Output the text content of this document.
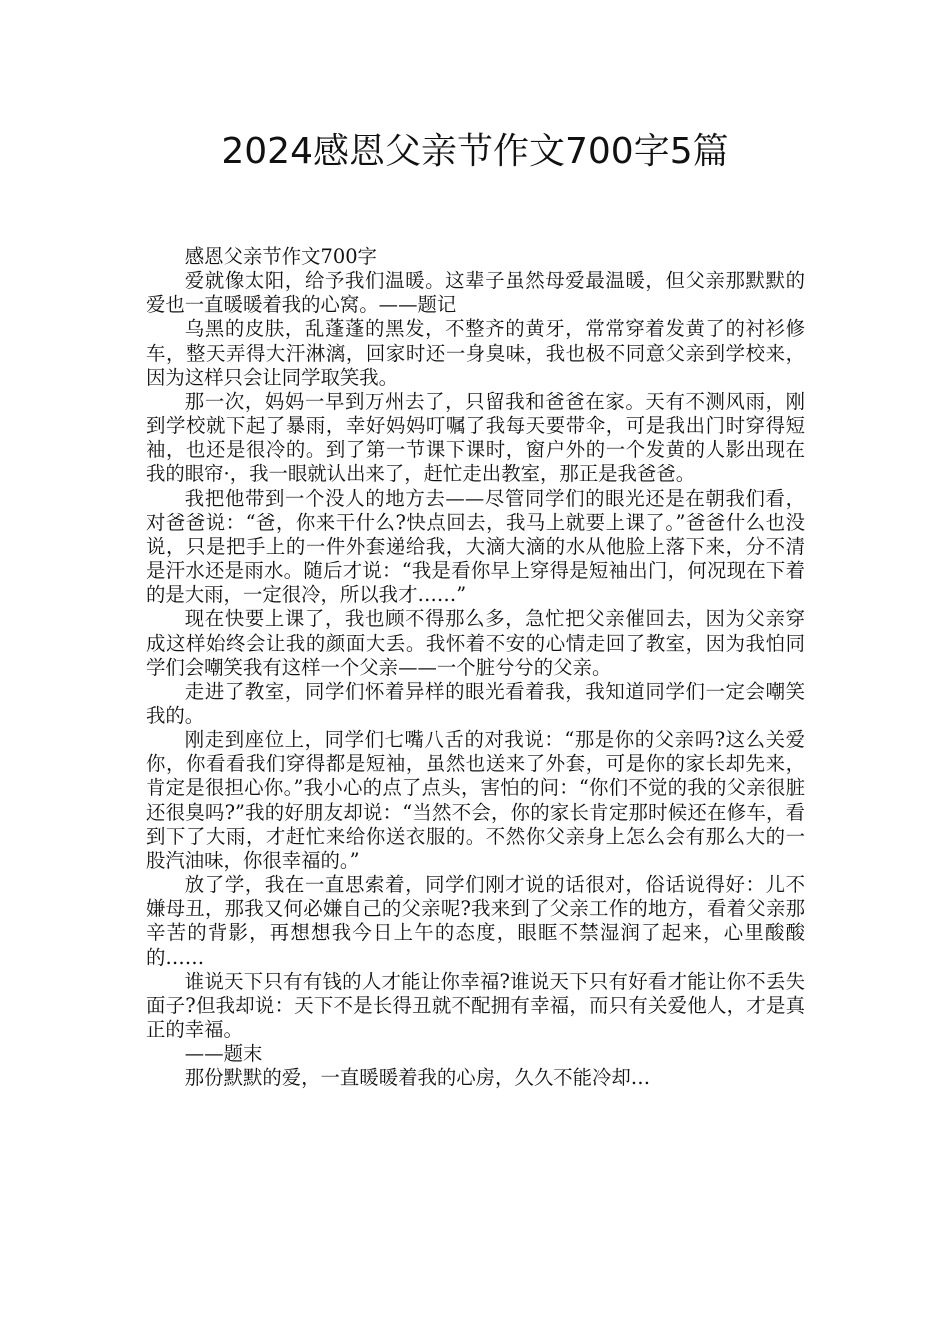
2024感恩父亲节作文700字5篇

感恩父亲节作文700字

爱就像太阳，给予我们温暖。这辈子虽然母爱最温暖，但父亲那默默的爱也一直暖暖着我的心窝。——题记

乌黑的皮肤，乱蓬蓬的黑发，不整齐的黄牙，常常穿着发黄了的衬衫修车，整天弄得大汗淋漓，回家时还一身臭味，我也极不同意父亲到学校来，因为这样只会让同学取笑我。

那一次，妈妈一早到万州去了，只留我和爸爸在家。天有不测风雨，刚到学校就下起了暴雨，幸好妈妈叮嘱了我每天要带伞，可是我出门时穿得短袖，也还是很冷的。到了第一节课下课时，窗户外的一个发黄的人影出现在我的眼帘·，我一眼就认出来了，赶忙走出教室，那正是我爸爸。

我把他带到一个没人的地方去——尽管同学们的眼光还是在朝我们看，对爸爸说：“爸，你来干什么?快点回去，我马上就要上课了。”爸爸什么也没说，只是把手上的一件外套递给我，大滴大滴的水从他脸上落下来，分不清是汗水还是雨水。随后才说：“我是看你早上穿得是短袖出门，何况现在下着的是大雨，一定很冷，所以我才……”

现在快要上课了，我也顾不得那么多，急忙把父亲催回去，因为父亲穿成这样始终会让我的颜面大丢。我怀着不安的心情走回了教室，因为我怕同学们会嘲笑我有这样一个父亲——一个脏兮兮的父亲。

走进了教室，同学们怀着异样的眼光看着我，我知道同学们一定会嘲笑我的。

刚走到座位上，同学们七嘴八舌的对我说：“那是你的父亲吗?这么关爱你，你看看我们穿得都是短袖，虽然也送来了外套，可是你的家长却先来，肯定是很担心你。”我小心的点了点头，害怕的问：“你们不觉的我的父亲很脏还很臭吗?”我的好朋友却说：“当然不会，你的家长肯定那时候还在修车，看到下了大雨，才赶忙来给你送衣服的。不然你父亲身上怎么会有那么大的一股汽油味，你很幸福的。”

放了学，我在一直思索着，同学们刚才说的话很对，俗话说得好：儿不嫌母丑，那我又何必嫌自己的父亲呢?我来到了父亲工作的地方，看着父亲那辛苦的背影，再想想我今日上午的态度，眼眶不禁湿润了起来，心里酸酸的……

谁说天下只有有钱的人才能让你幸福?谁说天下只有好看才能让你不丢失面子?但我却说：天下不是长得丑就不配拥有幸福，而只有关爱他人，才是真正的幸福。

——题末

那份默默的爱，一直暖暖着我的心房，久久不能冷却…
